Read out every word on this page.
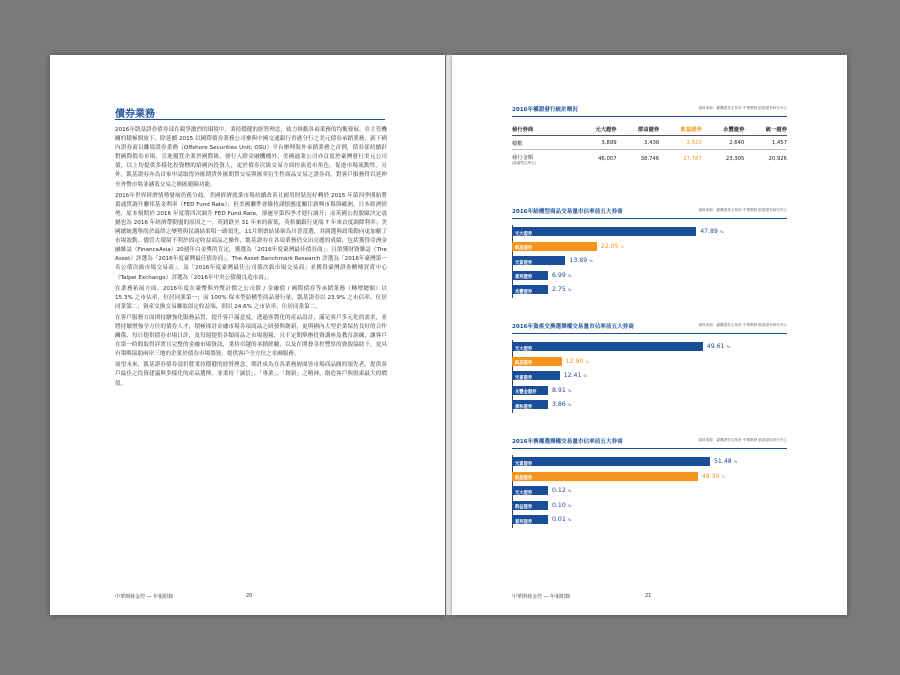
債券業務

2016年凱基證券債券部在競爭激烈的環境中，秉持穩健的經營理念，致力推動各項業務的均衡發展。在主管機關的積極開放下，除延續 2015 以國際債券業務公司參與中國交通銀行香港分行之美元債券承銷業務，新下國內證券商以離境證券業務（Offshore Securities Unit; OSU）平台辦理海外承銷業務之首例，債券部持續針對國際債券市場，引進優質企業於國際級，發行人除金融機構外，美國通業公司亦首度於臺灣發行美元公司債，以上均提供多樣化投資標的給國內投資人，更於債券次級交易方面扮演造市角色，促進市場流動性。另外，凱基證券亦為首家申請取得外匯期貨外匯期貨交易與匯率衍生性商品交易之證券商，對客戶服務得以延伸至外幣市場並涵蓋交易之換匯避險功能。

2016年世界經濟情勢發展仍舊分歧，美國經濟就業市場持續改善且耐用財狀況好轉於 2015 年第四季開始將黃通貨調升聯邦基金利率（FED Fund Rate），但美國聯準會維持謹慎態度關注新興市場與歐洲、日本經濟情勢，原本預期於 2016 年度將四次調升 FED Fund Rate，卻遲至第四季才進行調升；而英國公投脫歐決定震撼也為 2016 年經濟帶動盪的原因之一，英鎊跌至 31 年來的新低，英格蘭銀行更端 7 年來首度調降利率；美國總統選舉尚於最終之變勢與民調結果唱一路領先，11月開票結果卻為川普當選，其競選與政策勤向更加劇了市場波動。儘管大環境不利於固定收益商品之操作，凱基證券在各項業務仍交出亮麗的成績，包括獲得亞洲金融雜誌（FinanceAsia）20週年白金獎的肯定，獲選為「2016年度臺灣最佳債券商」；且榮獲財資雜誌（The Asset）評選為「2016年度臺灣最佳債券商」，The Asset Benchmark Research 評選為「2016年臺灣第一名公債次級市場交易商」，及「2016年度臺灣最佳公司債次級市場交易商」並獲得臺灣證券櫃檯買賣中心（Taipei Exchange）評選為「2016年中央公債優良造市商」。

在業務拓展方面，2016年度在臺幣與外幣計價之公司債 / 金融債 / 國際債券等承銷業務（轉增總額）以 15.3% 之市佔率，位居同業第一；而 100% 保本型結構型商品發行量，凱基證券以 23.9% 之市佔率，位居同業第二；資產交換交易賺取固定收益端，則以 24.6% 之市佔率，位居同業第二。

在客戶服務方面則持續強化服務品質，提升客戶滿意度，透過客製化的產品設計，滿足客戶多元化的需求，並將持續增強全方位的債券人才，積極探討金融市場各項商品之研發與創新，更與國內大型企業保持良好的合作關係，每日提供債券市場日評，及每週提供各類商品之市場週報，且不定期舉辦投資講座及教育訓練，讓客戶在第一時間取得詳實且完整的金融市場資訊，秉持卓越的承銷經驗，以及在開發金控豐厚的資源協助下，更具有策略協助兩岸三地的企業於債券市場籌資，提供客戶全方位之金融服務。

展望未來，凱基證券債券部仍將秉持穩健的經營理念，期許成為在各業務層面皆市場商品圓的領先者，提供客戶最佳之投資建議與多樣化的產品選擇，並秉持「誠信」、「專業」、「創新」之精神，創造客戶與股東最大的價值。

中華開發金控 — 年報附錄	20
2016年權證發行統計概況	資料來源：臺灣證券交易所 中華開發 凱基證券研究中心
發行券商	元大證券	群益證券	凱基證券	永豐證券	統一證券
檔數	3,899	3,438	2,523	2,640	1,457
發行金額
(新臺幣百萬元)	46,007	38,746	27,787	23,305	20,926
2016年結構型商品交易量市佔率前五大券商	資料來源：臺灣證券交易所 中華開發 凱基證券研究中心
元大證券	47.89 %
凱基證券	22.05 %
元富證券	13.89 %
富邦證券	6.99 %
兆豐證券	2.75 %
2016年資產交換選擇權交易量市佔率前五大券商	資料來源：臺灣證券交易所 中華開發 凱基證券研究中心
元大證券	49.61 %
凱基證券	12.90 %
元富證券	12.41 %
永豐金證券	8.91 %
康和證券	3.86 %
2016年換權選擇權交易量市佔率前五大券商	資料來源：臺灣證券交易所 中華開發 凱基證券研究中心
元富證券	51.48 %
凱基證券	48.30 %
元大證券	0.12 %
群益證券	0.10 %
富邦證券	0.01 %
中華開發金控 — 年報附錄	21
